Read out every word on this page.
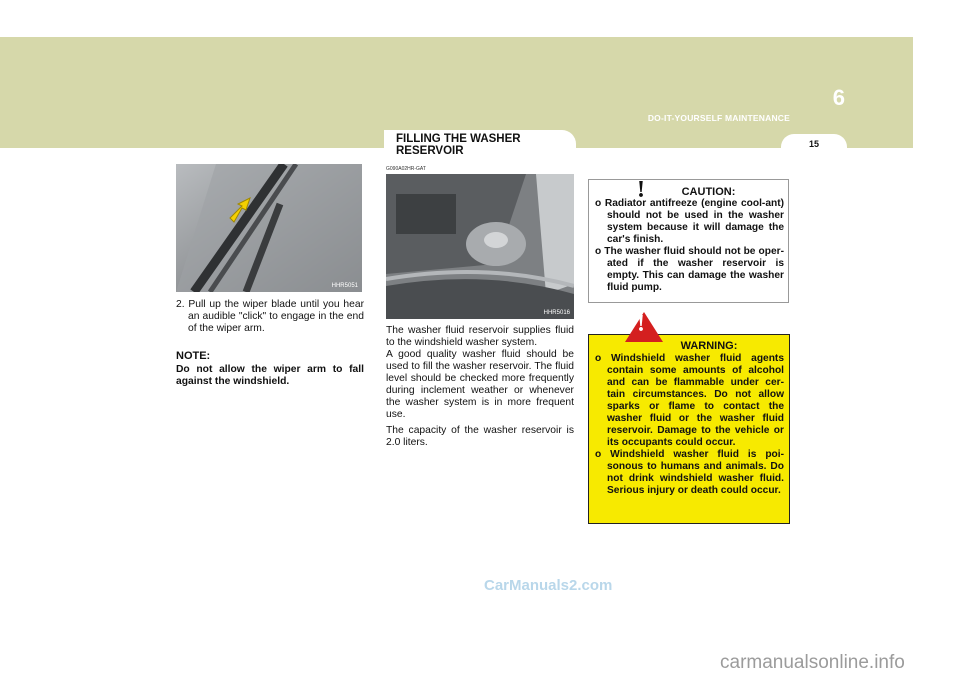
6
DO-IT-YOURSELF MAINTENANCE
15
HHR5051
2. Pull up the wiper blade until you hear an audible "click" to engage in the end of the wiper arm.
NOTE:
Do not allow the wiper arm to fall against the windshield.
FILLING THE WASHER RESERVOIR
G090A02HR-GAT
HHR5016
The washer fluid reservoir supplies fluid to the windshield washer system.
A good quality washer fluid should be used to fill the washer reservoir. The fluid level should be checked more frequently during inclement weather or whenever the washer system is in more frequent use.
The capacity of the washer reservoir is 2.0 liters.
!	CAUTION:
o Radiator antifreeze (engine cool-ant) should not be used in the washer system because it will damage the car's finish.
o The washer fluid should not be oper-ated if the washer reservoir is empty. This can damage the washer fluid pump.
!
WARNING:
o Windshield washer fluid agents contain some amounts of alcohol and can be flammable under cer-tain circumstances. Do not allow sparks or flame to contact the washer fluid or the washer fluid reservoir. Damage to the vehicle or its occupants could occur.
o Windshield washer fluid is poi-sonous to humans and animals. Do not drink windshield washer fluid. Serious injury or death could occur.
CarManuals2.com
carmanualsonline.info
